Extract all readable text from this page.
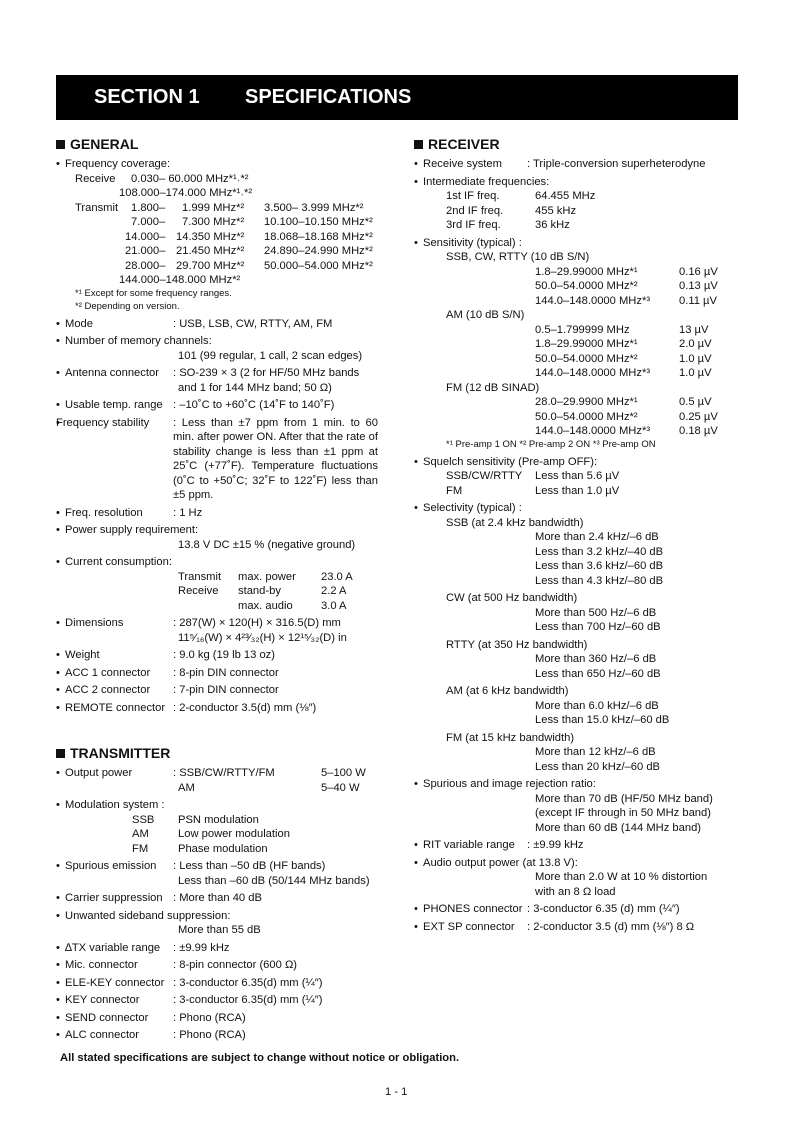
SECTION 1 SPECIFICATIONS
GENERAL
• Frequency coverage:
Receive 0.030– 60.000 MHz*¹˒*²
108.000–174.000 MHz*¹˒*²
Transmit 1.800– 1.999 MHz*² 3.500– 3.999 MHz*²
7.000– 7.300 MHz*² 10.100–10.150 MHz*²
14.000– 14.350 MHz*² 18.068–18.168 MHz*²
21.000– 21.450 MHz*² 24.890–24.990 MHz*²
28.000– 29.700 MHz*² 50.000–54.000 MHz*²
144.000–148.000 MHz*²
*¹ Except for some frequency ranges.
*² Depending on version.
• Mode	: USB, LSB, CW, RTTY, AM, FM
• Number of memory channels:
101 (99 regular, 1 call, 2 scan edges)
• Antenna connector : SO-239 × 3 (2 for HF/50 MHz bands
and 1 for 144 MHz band; 50 Ω)
• Usable temp. range : –10˚C to +60˚C (14˚F to 140˚F)
• Frequency stability : Less than ±7 ppm from 1 min. to 60 min. after power ON. After that the rate of stability change is less than ±1 ppm at 25˚C (+77˚F). Temperature fluctuations (0˚C to +50˚C; 32˚F to 122˚F) less than ±5 ppm.
• Freq. resolution	: 1 Hz
• Power supply requirement:
13.8 V DC ±15 % (negative ground)
• Current consumption:
Transmit max. power 23.0 A
Receive stand-by	2.2 A
max. audio	3.0 A
• Dimensions	: 287(W) × 120(H) × 316.5(D) mm
11⁵⁄₁₆(W) × 4²³⁄₃₂(H) × 12¹⁵⁄₃₂(D) in
• Weight	: 9.0 kg (19 lb 13 oz)
• ACC 1 connector : 8-pin DIN connector
• ACC 2 connector : 7-pin DIN connector
• REMOTE connector : 2-conductor 3.5(d) mm (⅛″)
TRANSMITTER
• Output power	: SSB/CW/RTTY/FM	5–100 W
AM	5–40 W
• Modulation system :
SSB PSN modulation
AM	Low power modulation
FM	Phase modulation
• Spurious emission : Less than –50 dB (HF bands)
Less than –60 dB (50/144 MHz bands)
• Carrier suppression : More than 40 dB
• Unwanted sideband suppression:
More than 55 dB
• ∆TX variable range : ±9.99 kHz
• Mic. connector	: 8-pin connector (600 Ω)
• ELE-KEY connector : 3-conductor 6.35(d) mm (¼″)
• KEY connector	: 3-conductor 6.35(d) mm (¼″)
• SEND connector : Phono (RCA)
• ALC connector	: Phono (RCA)
RECEIVER
• Receive system : Triple-conversion superheterodyne
• Intermediate frequencies:
1st IF freq.	64.455 MHz
2nd IF freq.	455 kHz
3rd IF freq.	36 kHz
• Sensitivity (typical) :
SSB, CW, RTTY (10 dB S/N)
1.8–29.99000 MHz*¹	0.16 µV
50.0–54.0000 MHz*²	0.13 µV
144.0–148.0000 MHz*³	0.11 µV
AM (10 dB S/N)
0.5–1.799999 MHz	13 µV
1.8–29.99000 MHz*¹	2.0 µV
50.0–54.0000 MHz*²	1.0 µV
144.0–148.0000 MHz*³	1.0 µV
FM (12 dB SINAD)
28.0–29.9900 MHz*¹	0.5 µV
50.0–54.0000 MHz*²	0.25 µV
144.0–148.0000 MHz*³	0.18 µV
*¹ Pre-amp 1 ON *² Pre-amp 2 ON *³ Pre-amp ON
• Squelch sensitivity (Pre-amp OFF):
SSB/CW/RTTY Less than 5.6 µV
FM	Less than 1.0 µV
• Selectivity (typical) :
SSB (at 2.4 kHz bandwidth)
More than 2.4 kHz/–6 dB
Less than 3.2 kHz/–40 dB
Less than 3.6 kHz/–60 dB
Less than 4.3 kHz/–80 dB
CW (at 500 Hz bandwidth)
More than 500 Hz/–6 dB
Less than 700 Hz/–60 dB
RTTY (at 350 Hz bandwidth)
More than 360 Hz/–6 dB
Less than 650 Hz/–60 dB
AM (at 6 kHz bandwidth)
More than 6.0 kHz/–6 dB
Less than 15.0 kHz/–60 dB
FM (at 15 kHz bandwidth)
More than 12 kHz/–6 dB
Less than 20 kHz/–60 dB
• Spurious and image rejection ratio:
More than 70 dB (HF/50 MHz band)
(except IF through in 50 MHz band)
More than 60 dB (144 MHz band)
• RIT variable range : ±9.99 kHz
• Audio output power (at 13.8 V):
More than 2.0 W at 10 % distortion
with an 8 Ω load
• PHONES connector : 3-conductor 6.35 (d) mm (¼″)
• EXT SP connector : 2-conductor 3.5 (d) mm (⅛″) 8 Ω
All stated specifications are subject to change without notice or obligation.
1 - 1
